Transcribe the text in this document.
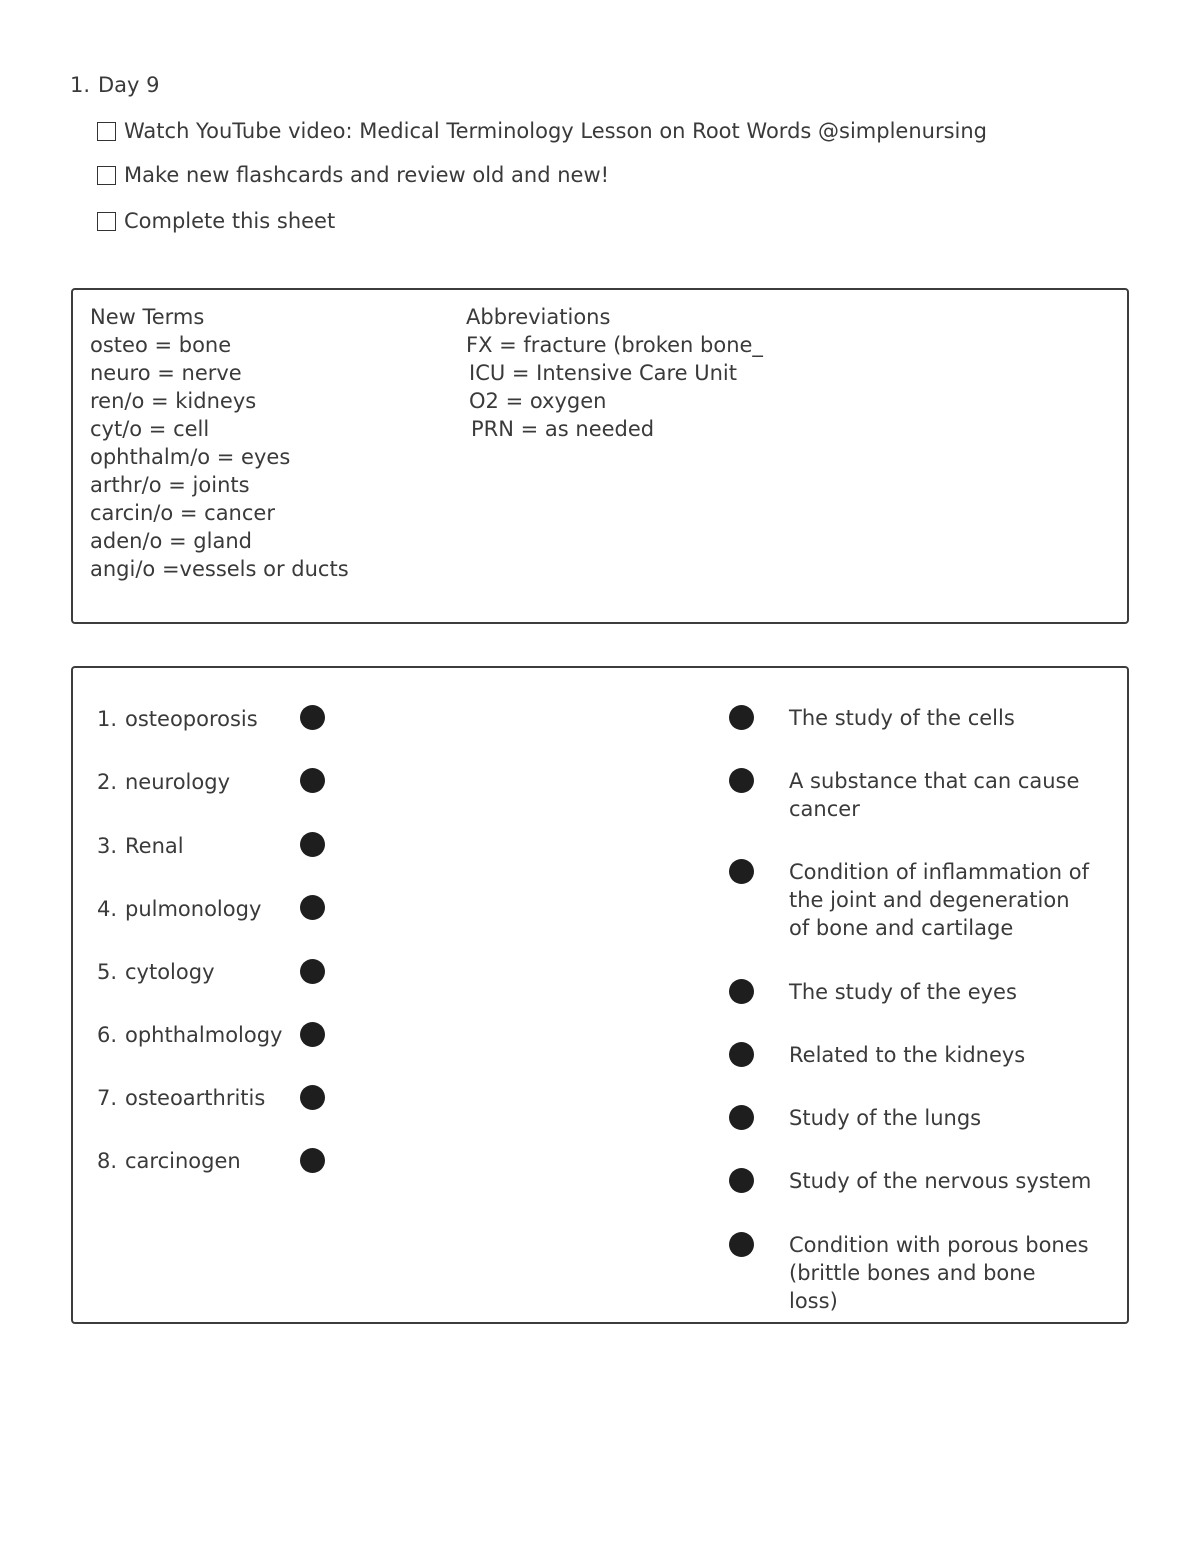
1. Day 9
Watch YouTube video: Medical Terminology Lesson on Root Words @simplenursing
Make new flashcards and review old and new!
Complete this sheet
New Terms
osteo = bone
neuro = nerve
ren/o = kidneys
cyt/o = cell
ophthalm/o = eyes
arthr/o = joints
carcin/o = cancer
aden/o = gland
angi/o =vessels or ducts
Abbreviations
FX = fracture (broken bone_
ICU = Intensive Care Unit
O2 = oxygen
PRN = as needed
1. osteoporosis
2. neurology
3. Renal
4. pulmonology
5. cytology
6. ophthalmology
7. osteoarthritis
8. carcinogen
The study of the cells
A substance that can cause cancer
Condition of inflammation of the joint and degeneration of bone and cartilage
The study of the eyes
Related to the kidneys
Study of the lungs
Study of the nervous system
Condition with porous bones (brittle bones and bone loss)
